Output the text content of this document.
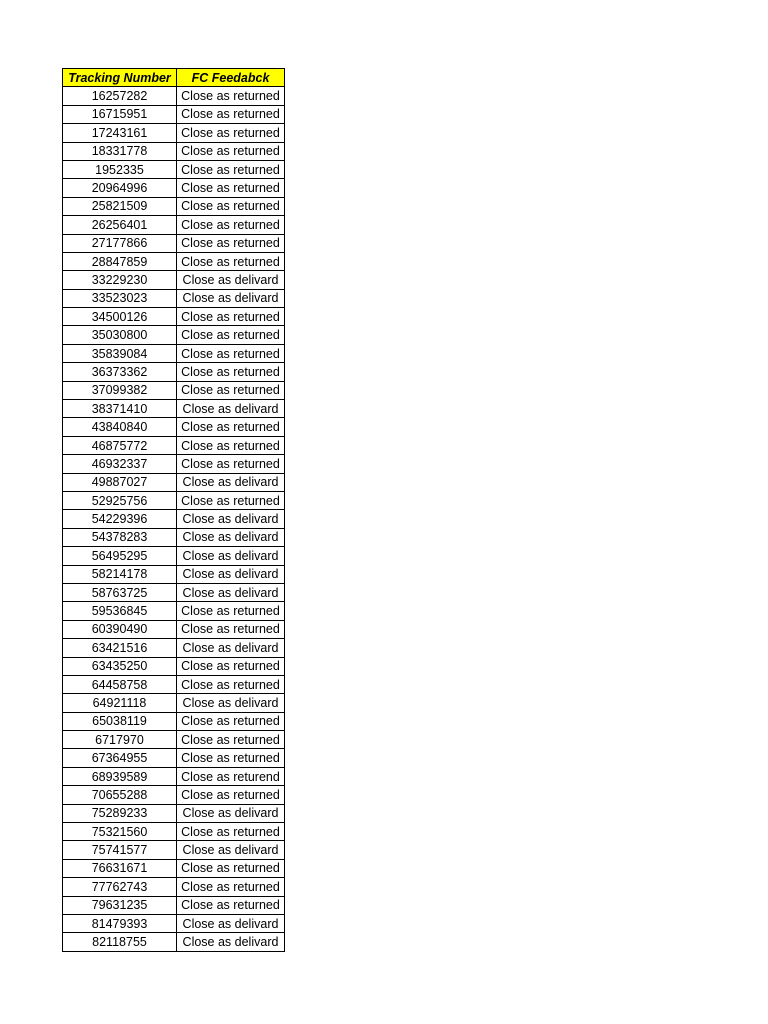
Tracking Number	FC Feedabck
16257282	Close as returned
16715951	Close as returned
17243161	Close as returned
18331778	Close as returned
1952335	Close as returned
20964996	Close as returned
25821509	Close as returned
26256401	Close as returned
27177866	Close as returned
28847859	Close as returned
33229230	Close as delivard
33523023	Close as delivard
34500126	Close as returned
35030800	Close as returned
35839084	Close as returned
36373362	Close as returned
37099382	Close as returned
38371410	Close as delivard
43840840	Close as returned
46875772	Close as returned
46932337	Close as returned
49887027	Close as delivard
52925756	Close as returned
54229396	Close as delivard
54378283	Close as delivard
56495295	Close as delivard
58214178	Close as delivard
58763725	Close as delivard
59536845	Close as returned
60390490	Close as returned
63421516	Close as delivard
63435250	Close as returned
64458758	Close as returned
64921118	Close as delivard
65038119	Close as returned
6717970	Close as returned
67364955	Close as returned
68939589	Close as returend
70655288	Close as returned
75289233	Close as delivard
75321560	Close as returned
75741577	Close as delivard
76631671	Close as returned
77762743	Close as returned
79631235	Close as returned
81479393	Close as delivard
82118755	Close as delivard
